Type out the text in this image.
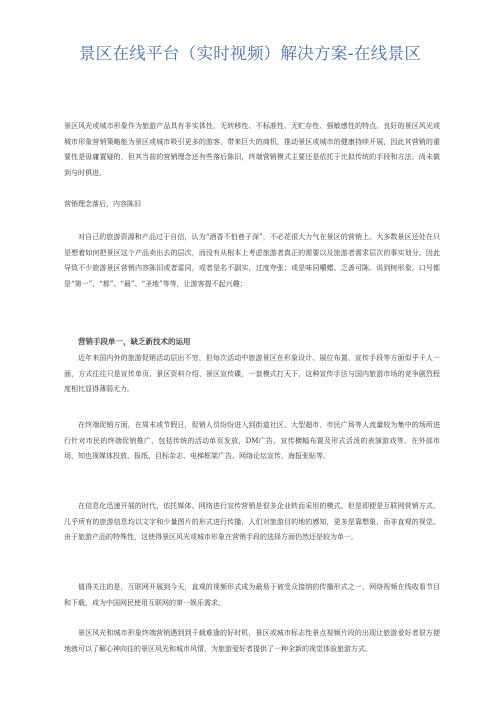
景区在线平台（实时视频）解决方案-在线景区

景区风光或城市形象作为旅游产品具有非实体性、无转移性、不标准性、无贮存性、强敏感性的特点。良好的景区风光或城市形象营销策略能为景区或城市吸引更多的游客，带来巨大的商机，推动景区或城市的健康持续开展，因此其营销的重要性是毋庸置疑的，但其当前的营销理念还有些落后陈旧，终端营销模式主要还是依托于比拟传统的手段和方法，尚未做到与时俱进。

营销理念落后，内容陈旧

对自己的旅游资源和产品过于自信，认为“酒香不怕巷子深”，不必花很大力气在景区的营销上。大多数景区还处在只是想着如何把景区这个产品卖出去的层次，而没有从根本上考虑旅游者真正的需要以及旅游者需求层次的事实划分。因此导致不少旅游景区营销内容陈旧或者雷同，或者是名不副实，过度夸张；或是味同嚼蜡、乏善可陈。说到树形象，口号都是“第一”、“都”、“最”、“圣地”等等，让游客提不起兴趣；

营销手段单一，缺乏新技术的运用

近年来国内外的旅游促销活动层出不穷，但每次活动中旅游景区在形象设计、展位布置、宣传手段等方面似乎千人一面，方式往往只是宣传单页、景区资料介绍、景区宣传碟，一套模式打天下，这种宣传手法与国内旅游市场的竞争剧烈程度相比显得薄弱无力。

在终端促销方面，在周末或节假日，促销人员纷纷进入到街道社区、大型超市、市民广场等人流量较为集中的场所进行针对市民的终端促销推广，包括传统的活动单页发放，DM广告、宣传横幅布置及形式活泼的表演游戏等。在外部市场，知也视媒体投放、报纸、目标杂志、电梯框架广告、网络论坛宣传、海报张贴等。

在信息化迅速开展的时代，依托媒体、网络进行宣传营销是很多企业转而采用的模式，但是即便是互联网营销方式，几乎所有的旅游信息均以文字和少量图片的形式进行传播，人们对旅游目的地的感知，更多是靠想象，而非直观的视觉。由于旅游产品的特殊性，这使得景区风光或城市形象在营销手段的选择方面仍然还是较为单一。

值得关注的是，互联网开展到今天，直观的视频形式成为最易于被受众接纳的传播形式之一，网络视频在线收看节目和下载，成为中国网民使用互联网的第一娱乐需求。

景区风光和城市形象终端营销遇到到千载难逢的好时机，景区或城市标志性景点视频片段的出现让旅游爱好者很方便地就可以了解心神向往的景区风光和城市风情，为旅游爱好者提供了一种全新的视觉体验旅游方式。
